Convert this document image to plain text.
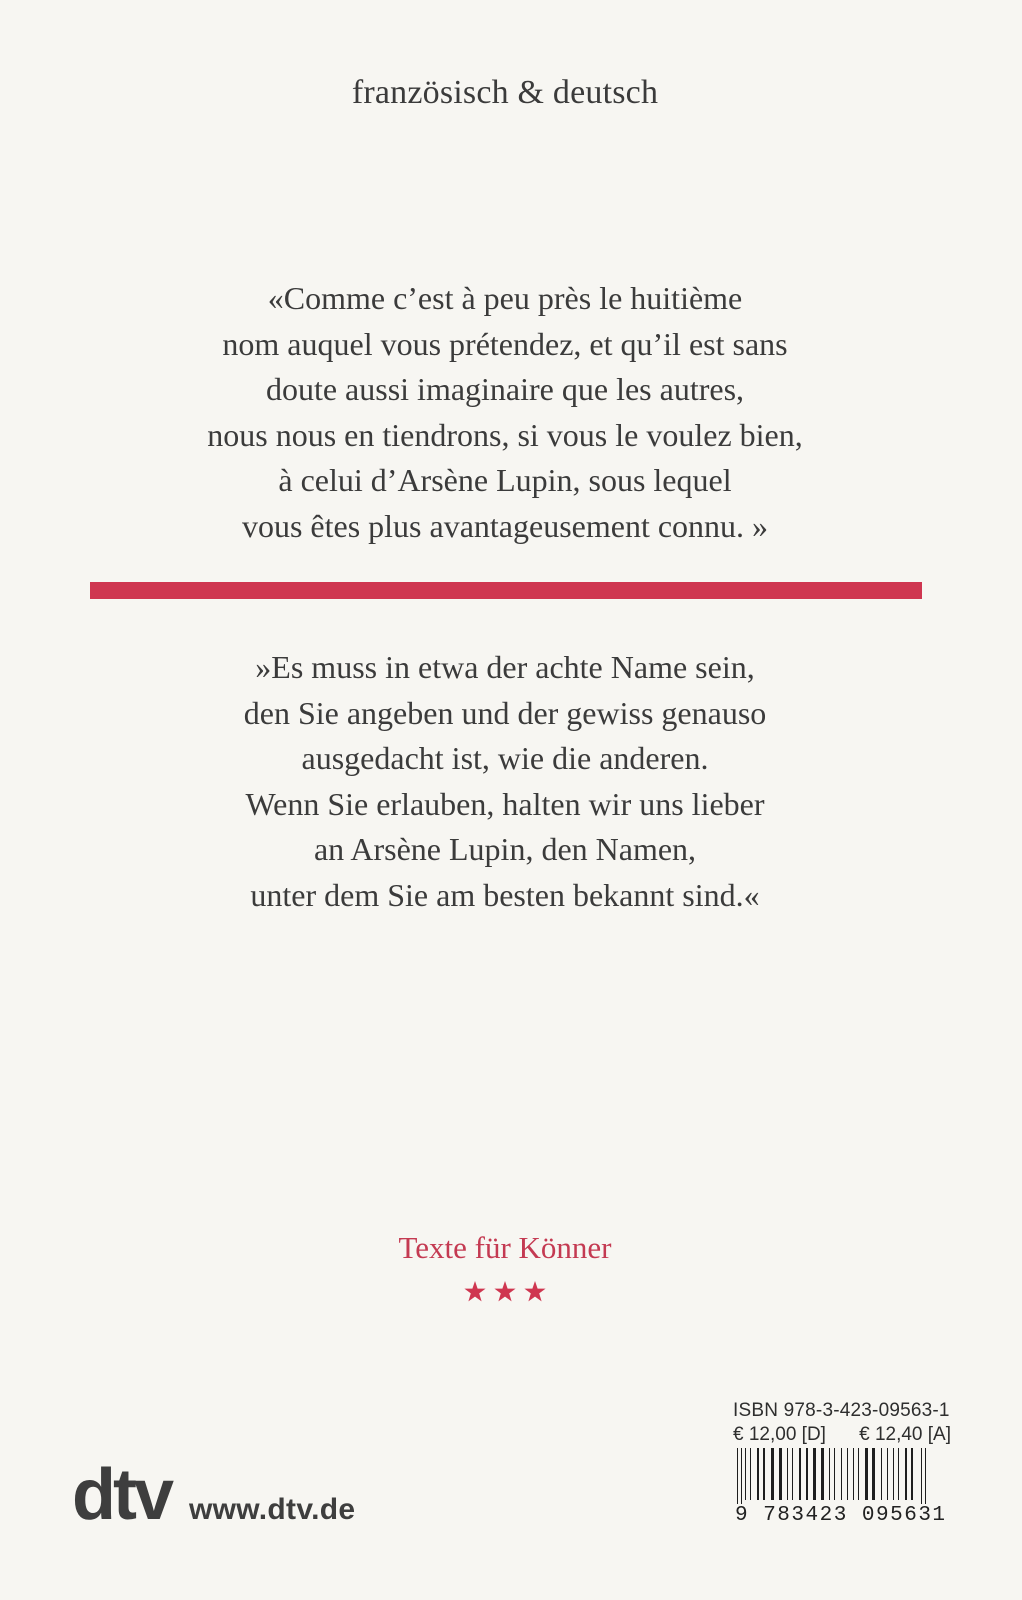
französisch & deutsch
«Comme c’est à peu près le huitième
nom auquel vous prétendez, et qu’il est sans
doute aussi imaginaire que les autres,
nous nous en tiendrons, si vous le voulez bien,
à celui d’Arsène Lupin, sous lequel
vous êtes plus avantageusement connu. »
»Es muss in etwa der achte Name sein,
den Sie angeben und der gewiss genauso
ausgedacht ist, wie die anderen.
Wenn Sie erlauben, halten wir uns lieber
an Arsène Lupin, den Namen,
unter dem Sie am besten bekannt sind.«
Texte für Könner
dtv www.dtv.de
ISBN 978-3-423-09563-1
€ 12,00 [D] € 12,40 [A]
9 783423 095631
